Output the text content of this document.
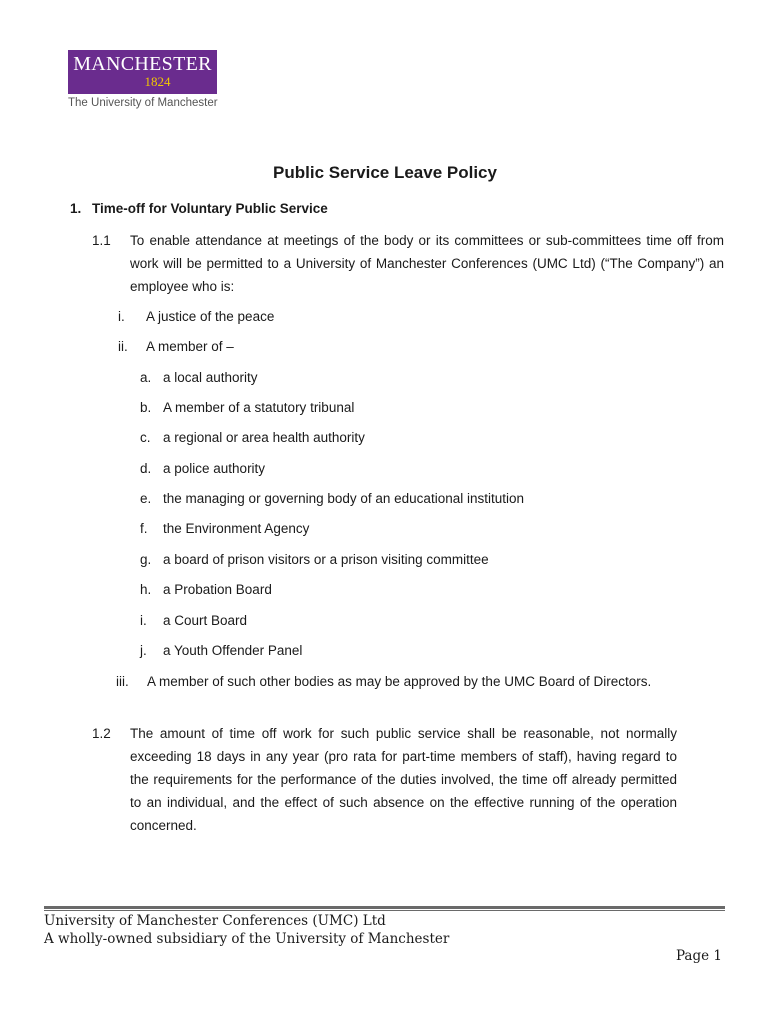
MANCHESTER
1824
The University of Manchester
Public Service Leave Policy
1. Time-off for Voluntary Public Service
1.1 To enable attendance at meetings of the body or its committees or sub-committees time off from work will be permitted to a University of Manchester Conferences (UMC Ltd) (“The Company”) an employee who is:
i. A justice of the peace
ii. A member of –
a. a local authority
b. A member of a statutory tribunal
c. a regional or area health authority
d. a police authority
e. the managing or governing body of an educational institution
f. the Environment Agency
g. a board of prison visitors or a prison visiting committee
h. a Probation Board
i. a Court Board
j. a Youth Offender Panel
iii. A member of such other bodies as may be approved by the UMC Board of Directors.
1.2 The amount of time off work for such public service shall be reasonable, not normally exceeding 18 days in any year (pro rata for part-time members of staff), having regard to the requirements for the performance of the duties involved, the time off already permitted to an individual, and the effect of such absence on the effective running of the operation concerned.
University of Manchester Conferences (UMC) Ltd
A wholly-owned subsidiary of the University of Manchester
Page 1
